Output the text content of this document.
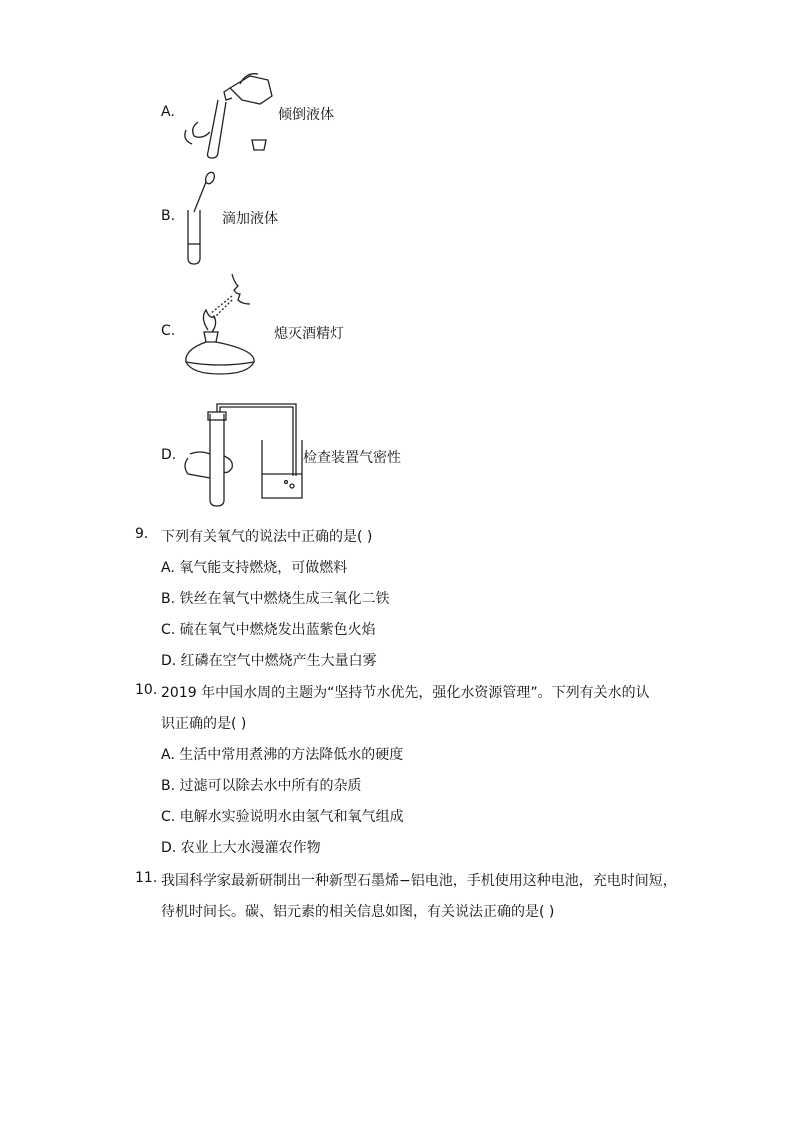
A.	倾倒液体
B.	滴加液体
C.	熄灭酒精灯
D.	检查装置气密性
9. 下列有关氧气的说法中正确的是( )
A. 氧气能支持燃烧，可做燃料
B. 铁丝在氧气中燃烧生成三氧化二铁
C. 硫在氧气中燃烧发出蓝紫色火焰
D. 红磷在空气中燃烧产生大量白雾
10. 2019 年中国水周的主题为“坚持节水优先，强化水资源管理”。下列有关水的认
识正确的是( )
A. 生活中常用煮沸的方法降低水的硬度
B. 过滤可以除去水中所有的杂质
C. 电解水实验说明水由氢气和氧气组成
D. 农业上大水漫灌农作物
11. 我国科学家最新研制出一种新型石墨烯−铝电池，手机使用这种电池，充电时间短，
待机时间长。碳、铝元素的相关信息如图，有关说法正确的是( )
